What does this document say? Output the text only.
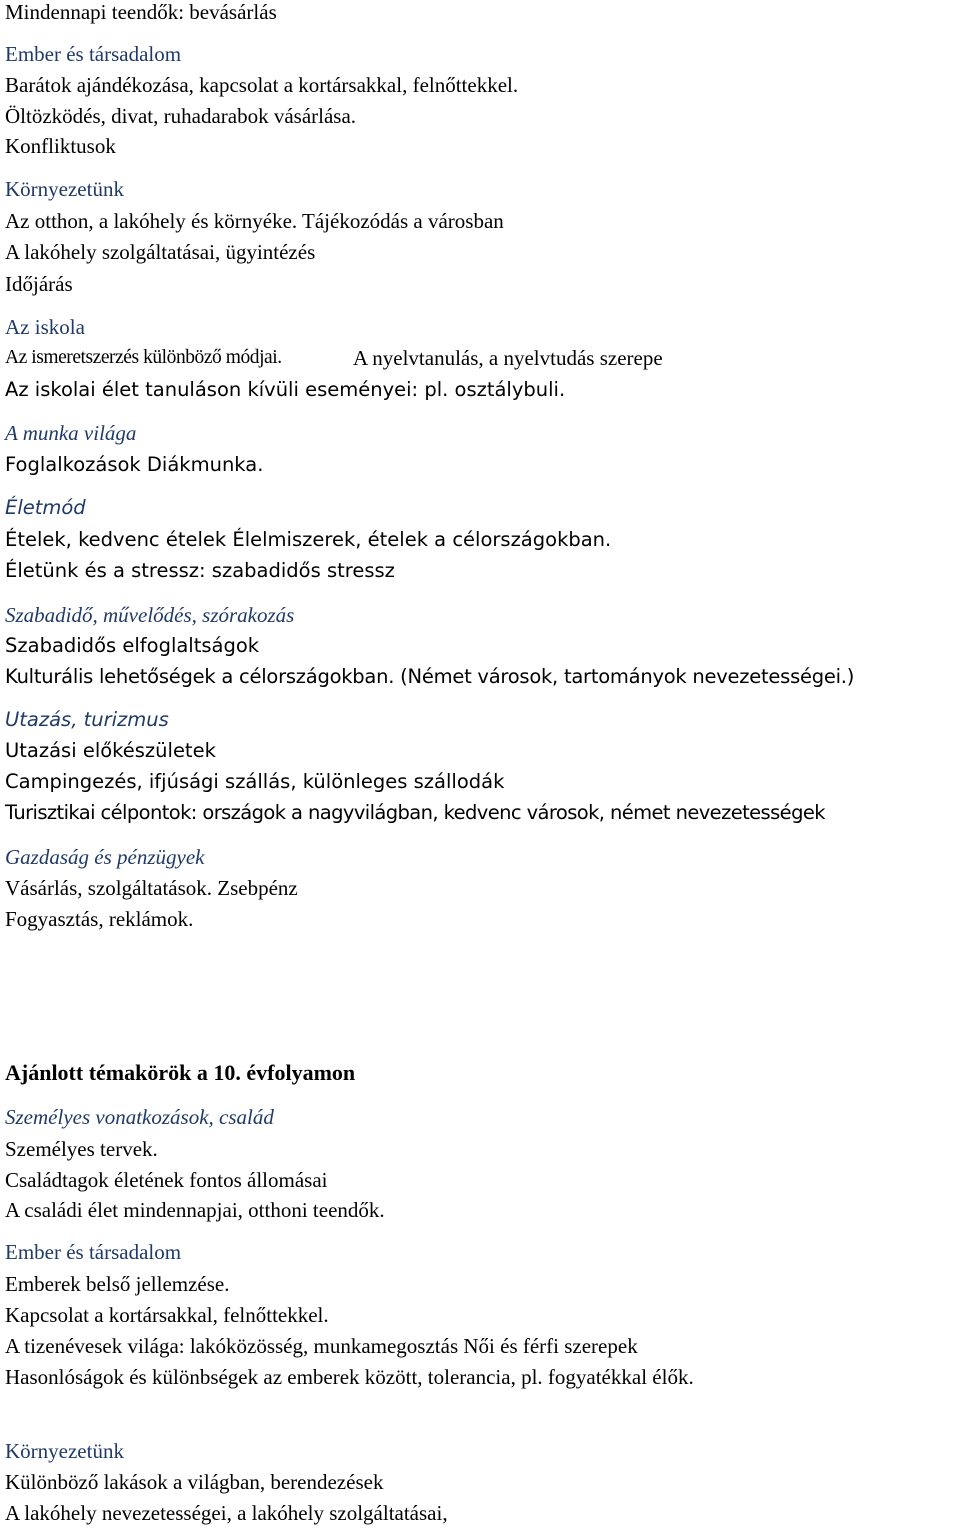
Mindennapi teendők: bevásárlás

Ember és társadalom

Barátok ajándékozása, kapcsolat a kortársakkal, felnőttekkel.

Öltözködés, divat, ruhadarabok vásárlása.

Konfliktusok

Környezetünk

Az otthon, a lakóhely és környéke. Tájékozódás a városban

A lakóhely szolgáltatásai, ügyintézés

Időjárás

Az iskola

Az ismeretszerzés különböző módjai.	A nyelvtanulás, a nyelvtudás szerepe

Az iskolai élet tanuláson kívüli eseményei: pl. osztálybuli.

A munka világa

Foglalkozások Diákmunka.

Életmód

Ételek, kedvenc ételek Élelmiszerek, ételek a célországokban.

Életünk és a stressz: szabadidős stressz

Szabadidő, művelődés, szórakozás

Szabadidős elfoglaltságok

Kulturális lehetőségek a célországokban. (Német városok, tartományok nevezetességei.)

Utazás, turizmus

Utazási előkészületek

Campingezés, ifjúsági szállás, különleges szállodák

Turisztikai célpontok: országok a nagyvilágban, kedvenc városok, német nevezetességek

Gazdaság és pénzügyek

Vásárlás, szolgáltatások. Zsebpénz

Fogyasztás, reklámok.

Ajánlott témakörök a 10. évfolyamon

Személyes vonatkozások, család

Személyes tervek.

Családtagok életének fontos állomásai

A családi élet mindennapjai, otthoni teendők.

Ember és társadalom

Emberek belső jellemzése.

Kapcsolat a kortársakkal, felnőttekkel.

A tizenévesek világa: lakóközösség, munkamegosztás Női és férfi szerepek

Hasonlóságok és különbségek az emberek között, tolerancia, pl. fogyatékkal élők.

Környezetünk

Különböző lakások a világban, berendezések

A lakóhely nevezetességei, a lakóhely szolgáltatásai,
